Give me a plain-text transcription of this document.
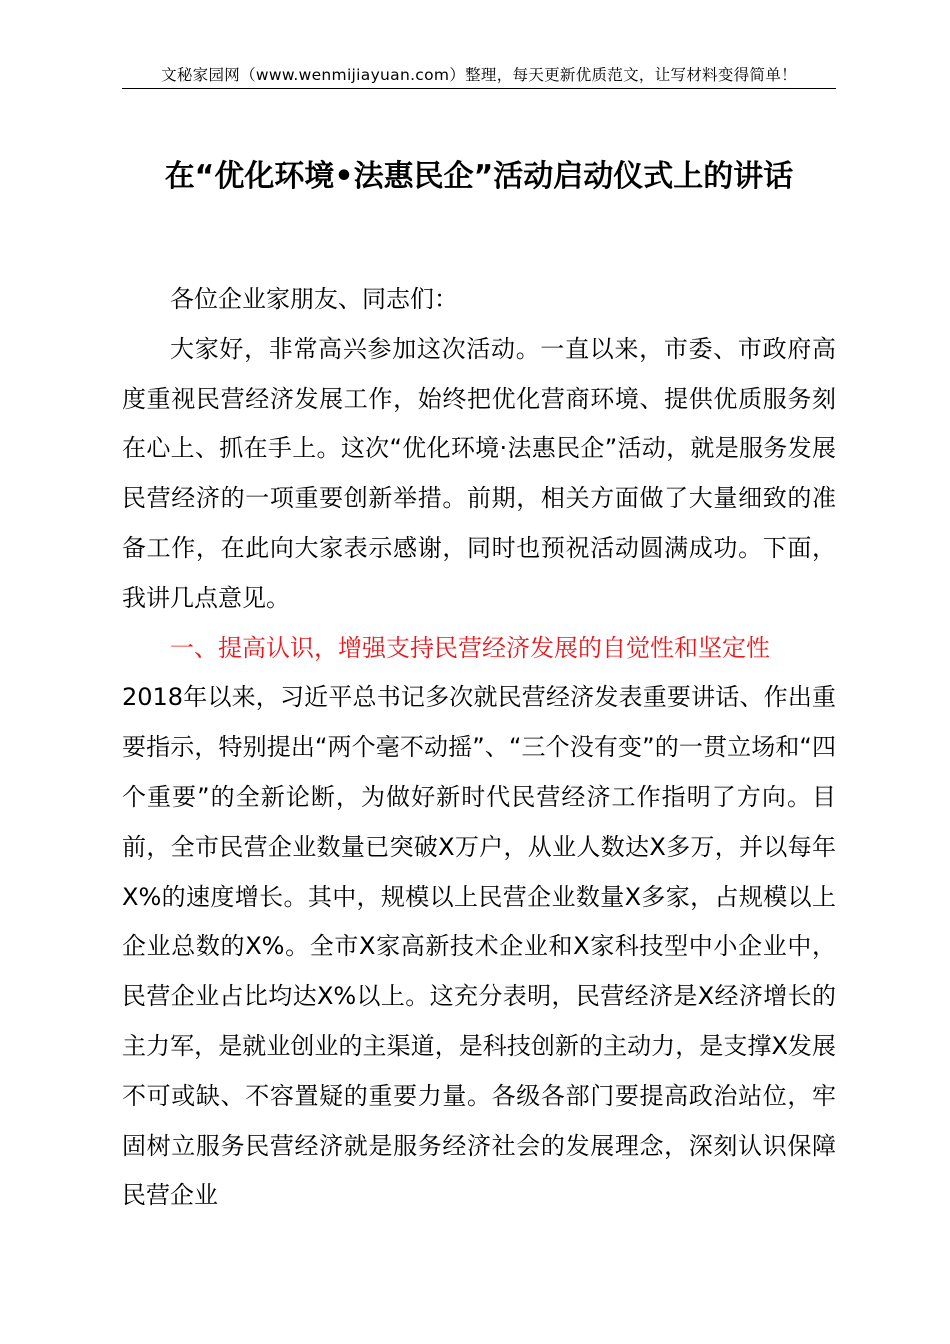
文秘家园网（www.wenmijiayuan.com）整理，每天更新优质范文，让写材料变得简单！
在“优化环境•法惠民企”活动启动仪式上的讲话

各位企业家朋友、同志们：

大家好，非常高兴参加这次活动。一直以来，市委、市政府高度重视民营经济发展工作，始终把优化营商环境、提供优质服务刻在心上、抓在手上。这次“优化环境·法惠民企”活动，就是服务发展民营经济的一项重要创新举措。前期，相关方面做了大量细致的准备工作，在此向大家表示感谢，同时也预祝活动圆满成功。下面，我讲几点意见。

一、提高认识，增强支持民营经济发展的自觉性和坚定性

2018年以来，习近平总书记多次就民营经济发表重要讲话、作出重要指示，特别提出“两个毫不动摇”、“三个没有变”的一贯立场和“四个重要”的全新论断，为做好新时代民营经济工作指明了方向。目前，全市民营企业数量已突破X万户，从业人数达X多万，并以每年X%的速度增长。其中，规模以上民营企业数量X多家，占规模以上企业总数的X%。全市X家高新技术企业和X家科技型中小企业中，民营企业占比均达X%以上。这充分表明，民营经济是X经济增长的主力军，是就业创业的主渠道，是科技创新的主动力，是支撑X发展不可或缺、不容置疑的重要力量。各级各部门要提高政治站位，牢固树立服务民营经济就是服务经济社会的发展理念，深刻认识保障民营企业
